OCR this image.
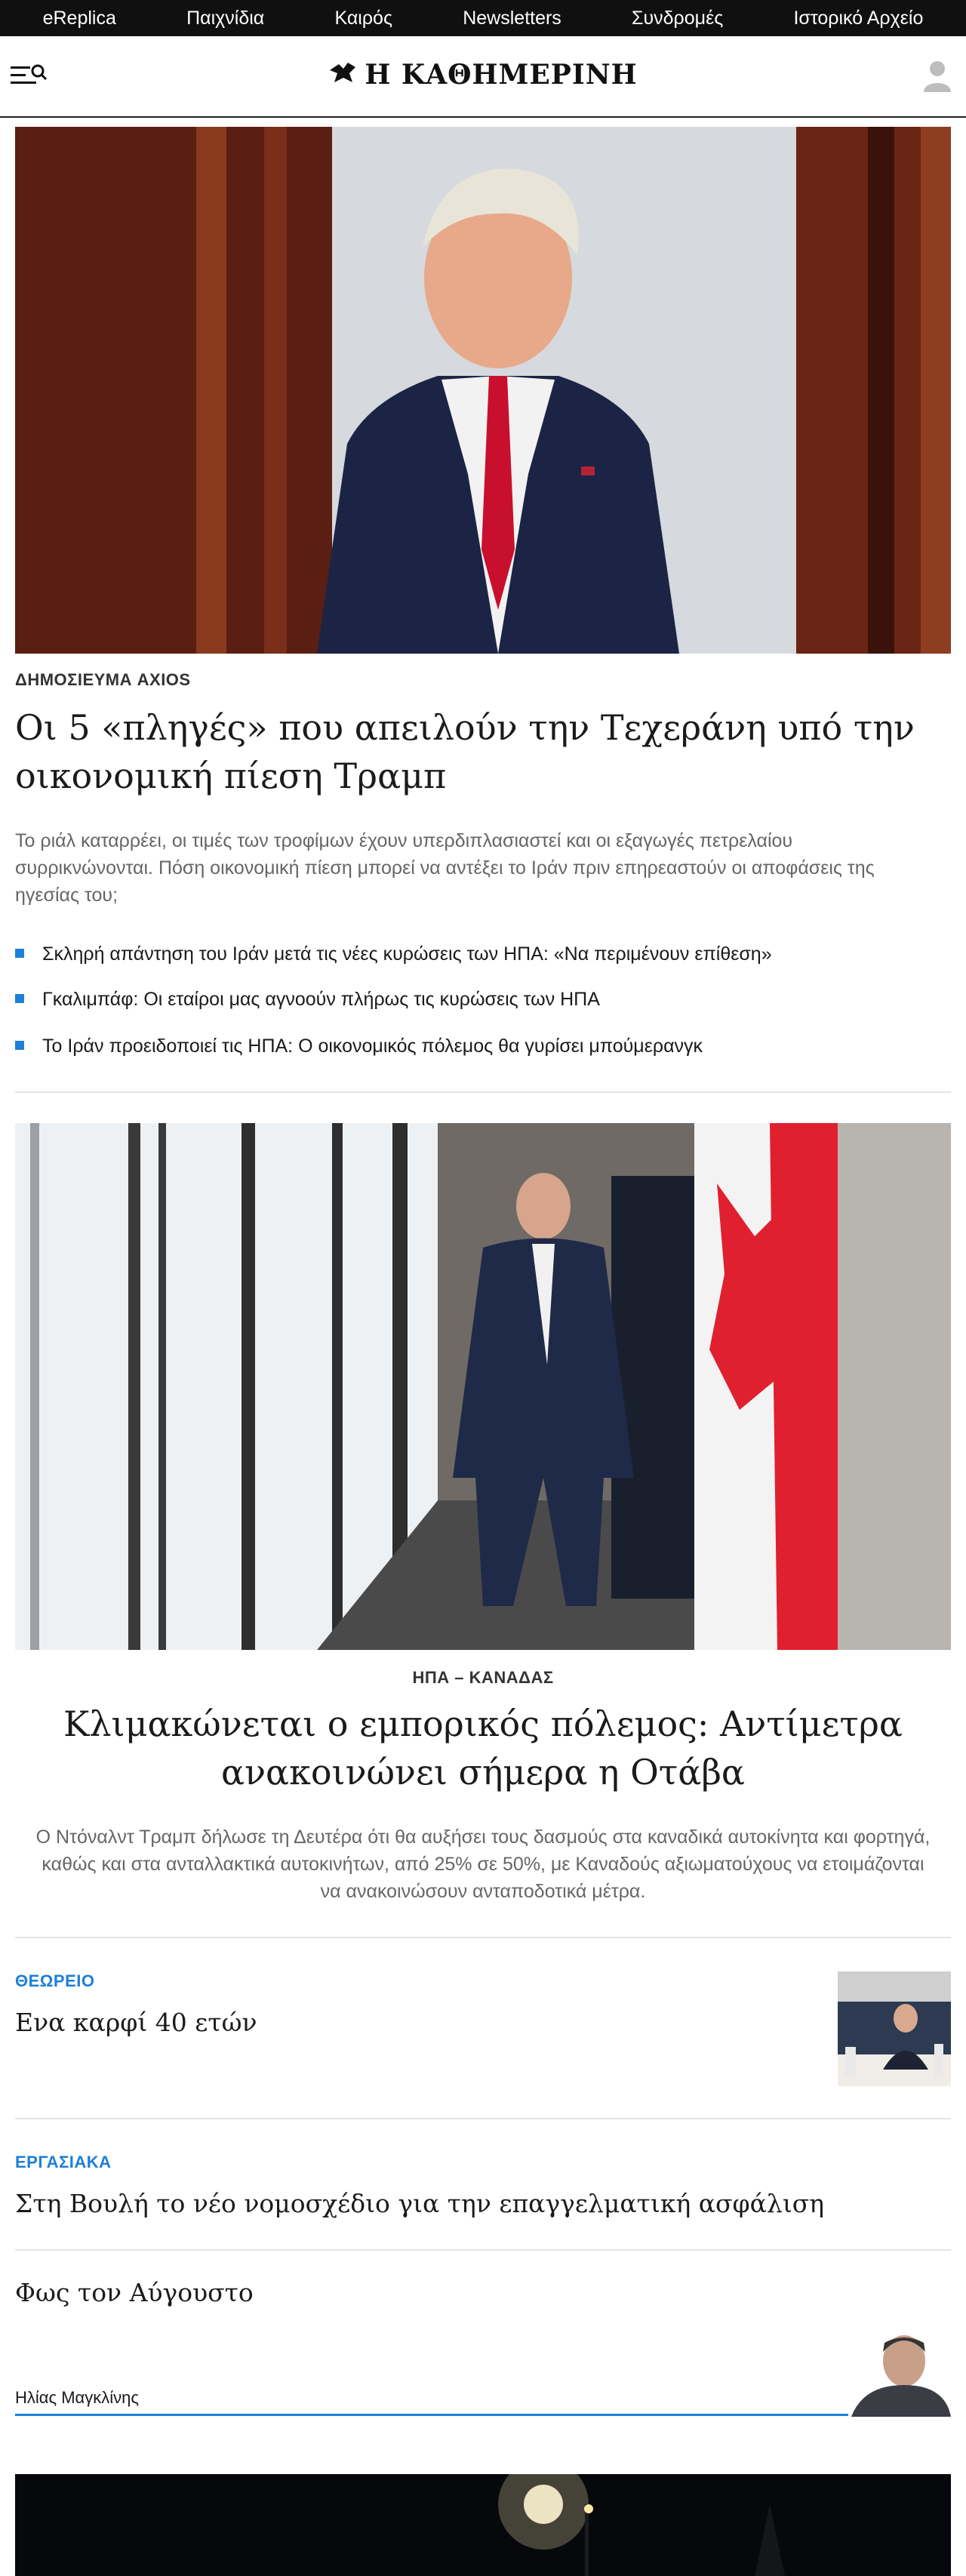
eReplica	Παιχνίδια	Καιρός	Newsletters	Συνδρομές	Ιστορικό Αρχείο
Η ΚΑΘΗΜΕΡΙΝΗ
ΔΗΜΟΣΙΕΥΜΑ AXIOS
Οι 5 «πληγές» που απειλούν την Τεχεράνη υπό την
οικονομική πίεση Τραμπ
Το ριάλ καταρρέει, οι τιμές των τροφίμων έχουν υπερδιπλασιαστεί και οι εξαγωγές πετρελαίου
συρρικνώνονται. Πόση οικονομική πίεση μπορεί να αντέξει το Ιράν πριν επηρεαστούν οι αποφάσεις της
ηγεσίας του;
Σκληρή απάντηση του Ιράν μετά τις νέες κυρώσεις των ΗΠΑ: «Να περιμένουν επίθεση»
Γκαλιμπάφ: Οι εταίροι μας αγνοούν πλήρως τις κυρώσεις των ΗΠΑ
Το Ιράν προειδοποιεί τις ΗΠΑ: Ο οικονομικός πόλεμος θα γυρίσει μπούμερανγκ
ΗΠΑ – ΚΑΝΑΔΑΣ
Κλιμακώνεται ο εμπορικός πόλεμος: Αντίμετρα
ανακοινώνει σήμερα η Οτάβα
Ο Ντόναλντ Τραμπ δήλωσε τη Δευτέρα ότι θα αυξήσει τους δασμούς στα καναδικά αυτοκίνητα και φορτηγά,
καθώς και στα ανταλλακτικά αυτοκινήτων, από 25% σε 50%, με Καναδούς αξιωματούχους να ετοιμάζονται
να ανακοινώσουν ανταποδοτικά μέτρα.
ΘΕΩΡΕΙΟ
Ενα καρφί 40 ετών
ΕΡΓΑΣΙΑΚΑ
Στη Βουλή το νέο νομοσχέδιο για την επαγγελματική ασφάλιση
Φως τον Αύγουστο
Ηλίας Μαγκλίνης
